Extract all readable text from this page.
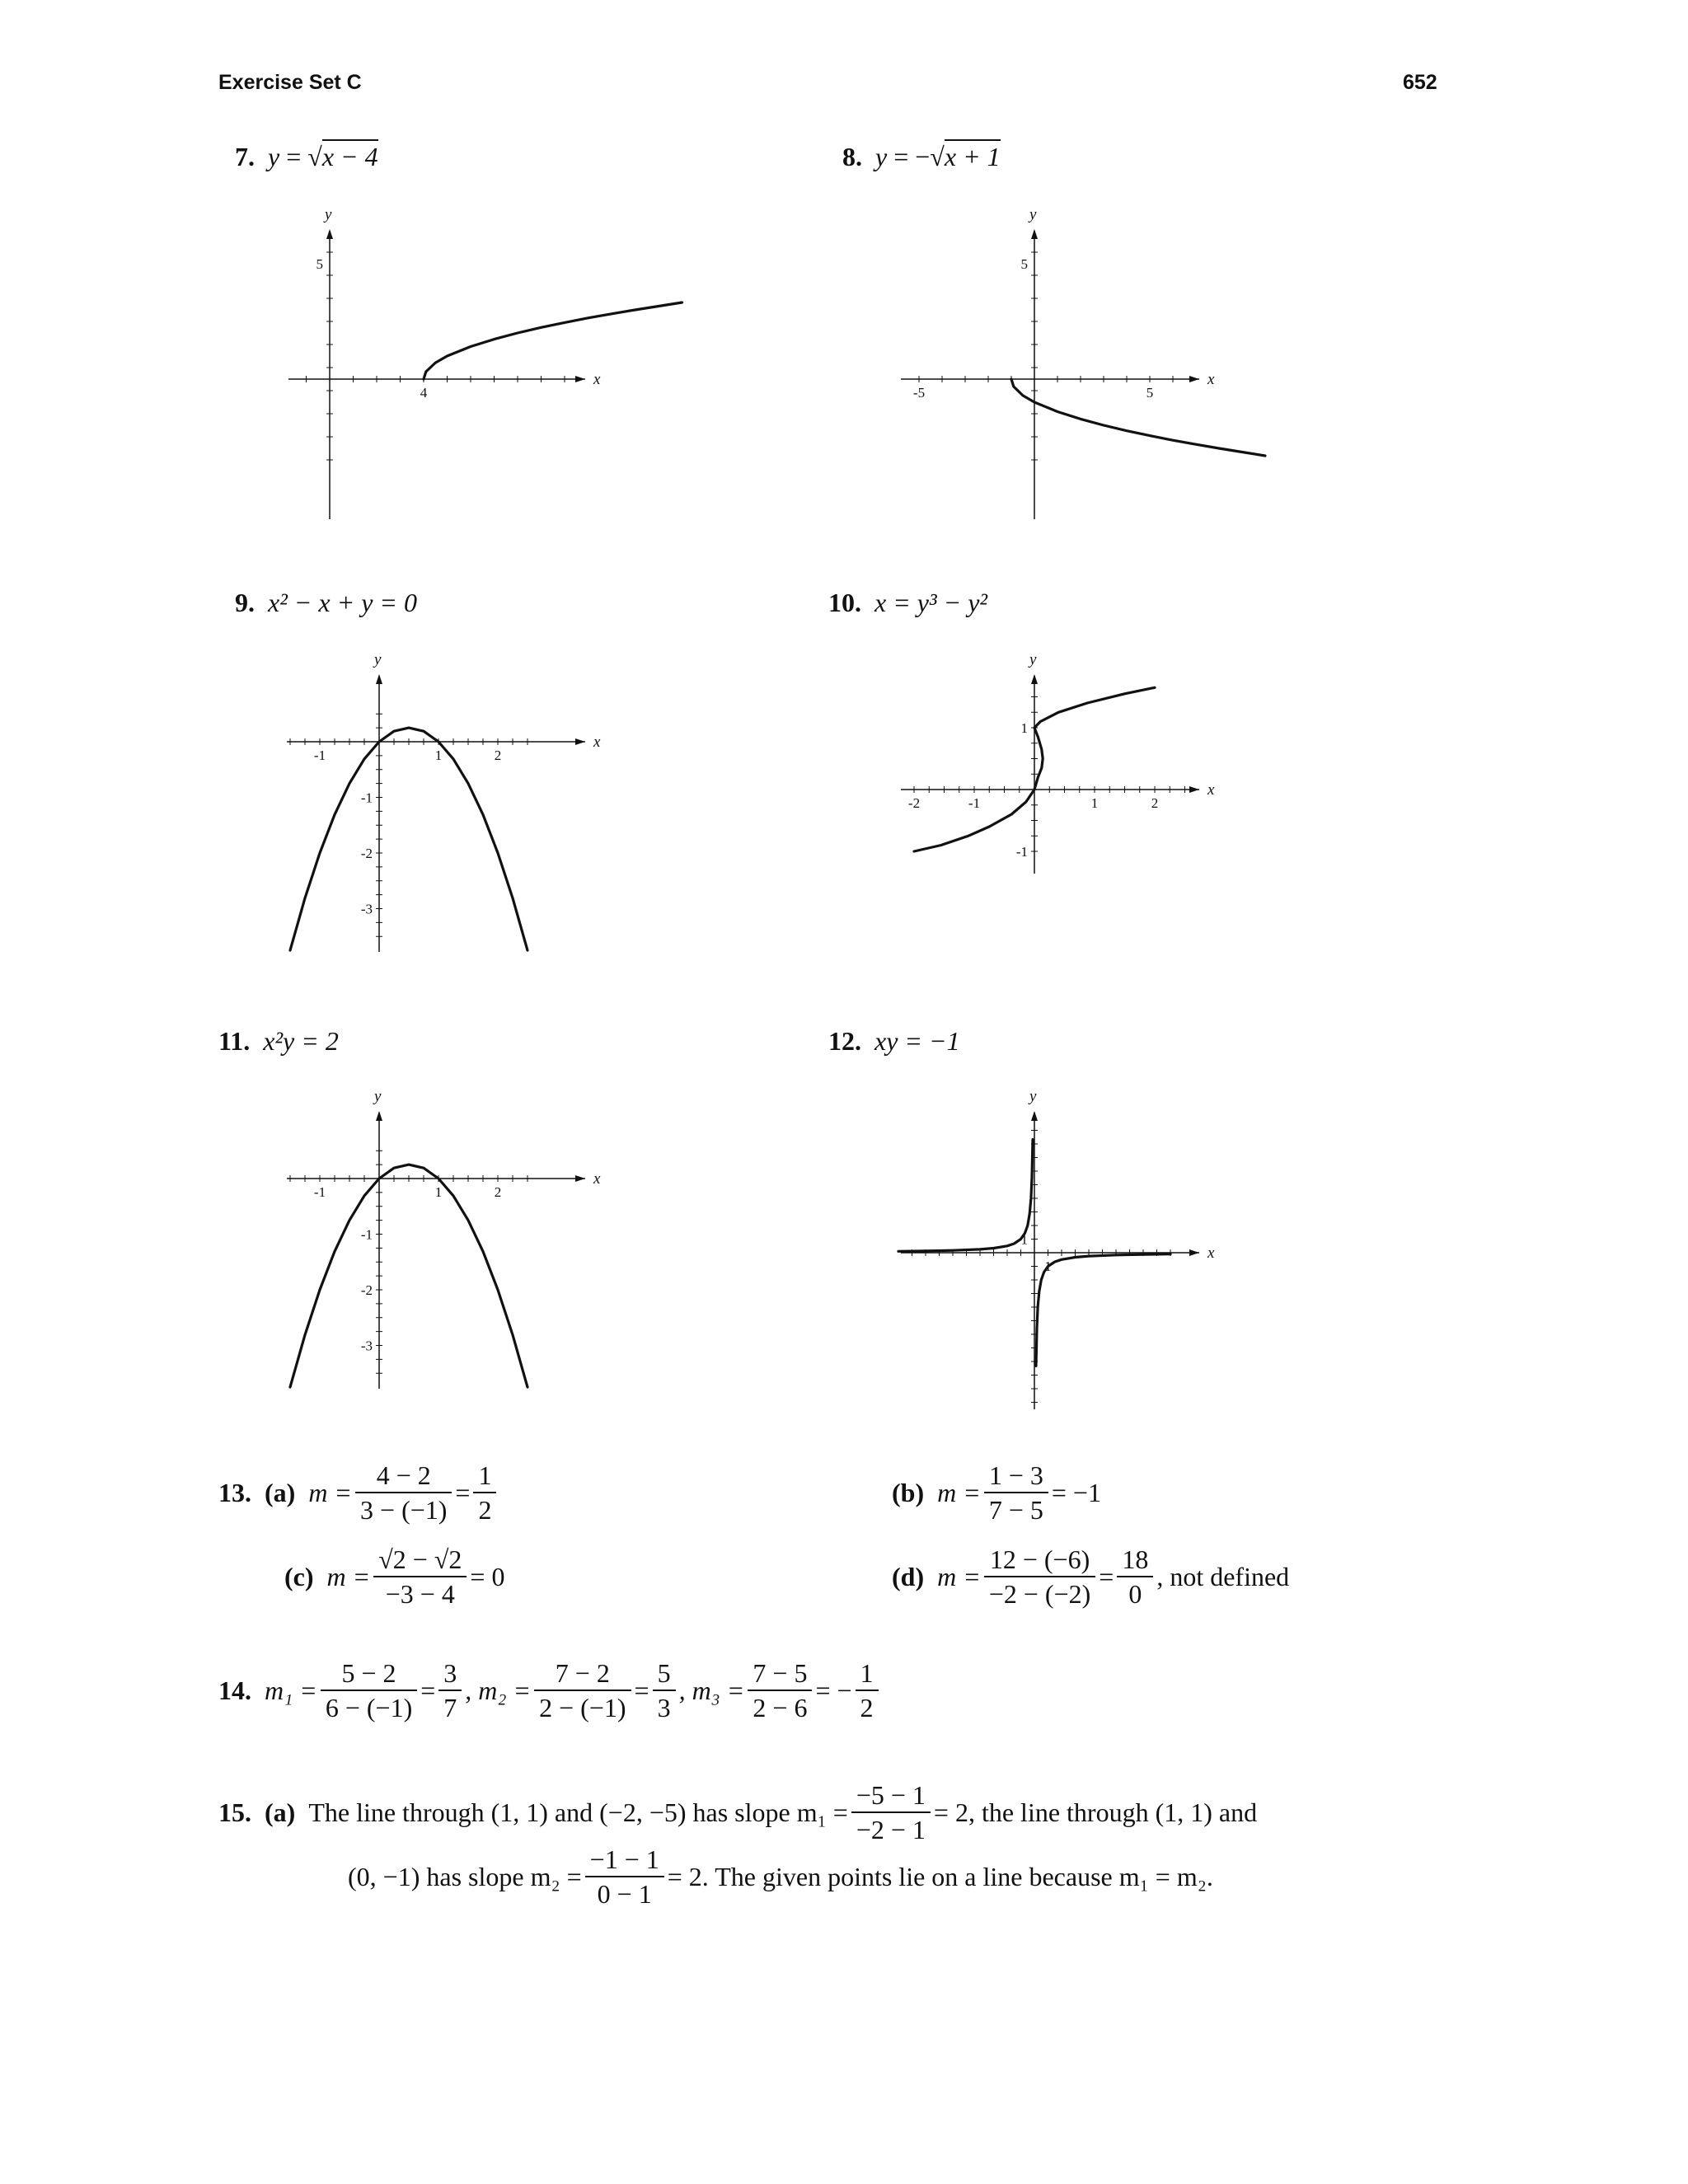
Exercise Set C	652
7. y = √x − 4	8. y = −√x + 1
9. x² − x + y = 0	10. x = y³ − y²
11. x²y = 2	12. xy = −1
x
y
4
5
x
y
-5	5
5
x
y
-1	1	2
-1
-2
-3
x
y
-2	-1	1	2
1
-1
x
y
-1	1	2
-1
-2
-3
x
y
1
1
13.
(a)
$m = \frac{4 - 2}{3 - (-1)} = \frac{1}{2}$	(b)
$m = \frac{1 - 3}{7 - 5} = -1$
(c)
$m = \frac{√2 - √2}{-3 - 4} = 0$	(d)
$m = \frac{12 - (-6)}{-2 - (-2)} = \frac{18}{0}$ , not defined
14.
$m_1 = \frac{5 - 2}{6 - (-1)} = \frac{3}{7}$ , $m_2 = \frac{7 - 2}{2 - (-1)} = \frac{5}{3}$ , $m_3 = \frac{7 - 5}{2 - 6}$ = − $\frac{1}{2}$
15.
(a)
The line through (1, 1) and (−2, −5) has slope $m_1 = \frac{-5 - 1}{-2 - 1} = 2$, the line through (1, 1) and
(0, −1) has slope $m_2 = \frac{-1 - 1}{0 - 1} = 2$. The given points lie on a line because m₁ = m₂.
